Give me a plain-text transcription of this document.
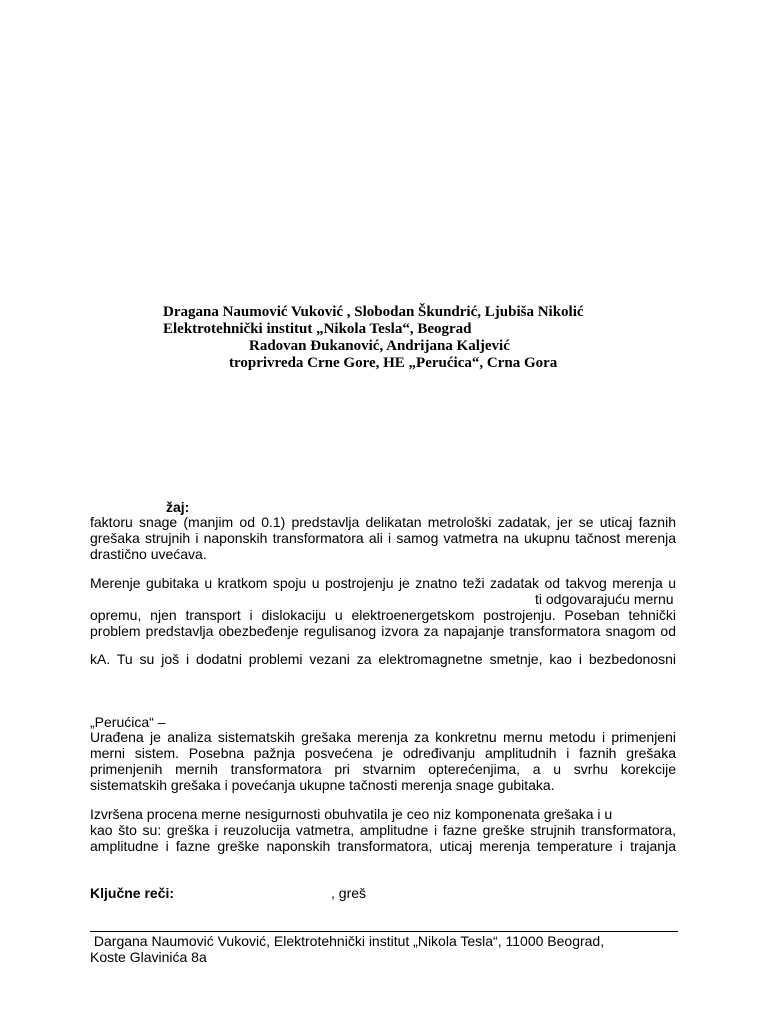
Dragana Naumović Vuković , Slobodan Škundrić, Ljubiša Nikolić
Elektrotehnički institut „Nikola Tesla“, Beograd
Radovan Đukanović, Andrijana Kaljević
troprivreda Crne Gore, HE „Perućica“, Crna Gora
žaj:
faktoru snage (manjim od 0.1) predstavlja delikatan metrološki zadatak, jer se uticaj faznih
grešaka strujnih i naponskih transformatora ali i samog vatmetra na ukupnu tačnost merenja
drastično uvećava.
Merenje gubitaka u kratkom spoju u postrojenju je znatno teži zadatak od takvog merenja u
ti odgovarajuću mernu
opremu, njen transport i dislokaciju u elektroenergetskom postrojenju. Poseban tehnički
problem predstavlja obezbeđenje regulisanog izvora za napajanje transformatora snagom od
kA. Tu su još i dodatni problemi vezani za elektromagnetne smetnje, kao i bezbedonosni
„Perućica“ –
Urađena je analiza sistematskih grešaka merenja za konkretnu mernu metodu i primenjeni
merni sistem. Posebna pažnja posvećena je određivanju amplitudnih i faznih grešaka
primenjenih mernih transformatora pri stvarnim opterećenjima, a u svrhu korekcije
sistematskih grešaka i povećanja ukupne tačnosti merenja snage gubitaka.
Izvršena procena merne nesigurnosti obuhvatila je ceo niz komponenata grešaka i u
kao što su: greška i reuzolucija vatmetra, amplitudne i fazne greške strujnih transformatora,
amplitudne i fazne greške naponskih transformatora, uticaj merenja temperature i trajanja
Ključne reči:	, greš
Dargana Naumović Vuković, Elektrotehnički institut „Nikola Tesla“, 11000 Beograd,
Koste Glavinića 8a
